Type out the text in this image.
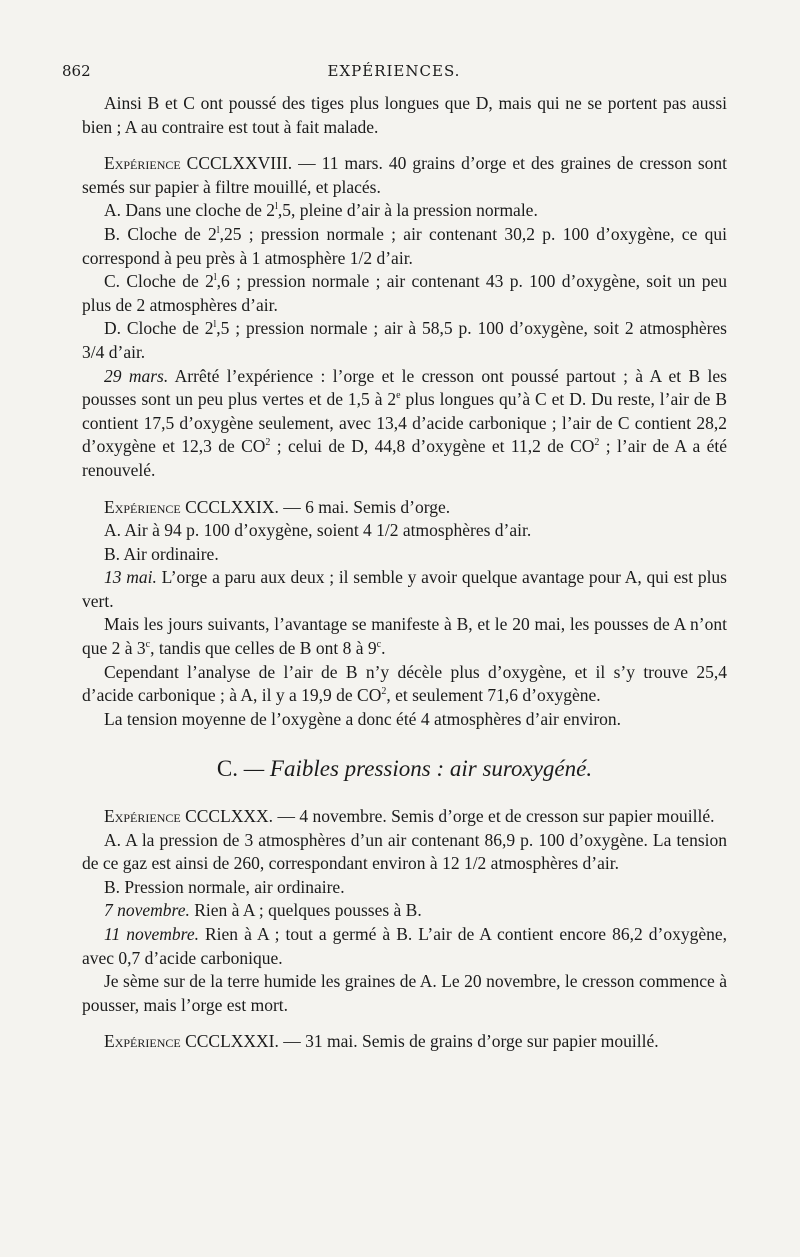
862	EXPÉRIENCES.

Ainsi B et C ont poussé des tiges plus longues que D, mais qui ne se portent pas aussi bien ; A au contraire est tout à fait malade.

Expérience CCCLXXVIII. — 11 mars. 40 grains d’orge et des graines de cresson sont semés sur papier à filtre mouillé, et placés.

A. Dans une cloche de 2$^l$,5, pleine d’air à la pression normale.

B. Cloche de 2$^l$,25 ; pression normale ; air contenant 30,2 p. 100 d’oxygène, ce qui correspond à peu près à 1 atmosphère 1/2 d’air.

C. Cloche de 2$^l$,6 ; pression normale ; air contenant 43 p. 100 d’oxygène, soit un peu plus de 2 atmosphères d’air.

D. Cloche de 2$^l$,5 ; pression normale ; air à 58,5 p. 100 d’oxygène, soit 2 atmosphères 3/4 d’air.

29 mars. Arrêté l’expérience : l’orge et le cresson ont poussé partout ; à A et B les pousses sont un peu plus vertes et de 1,5 à 2e plus longues qu’à C et D. Du reste, l’air de B contient 17,5 d’oxygène seulement, avec 13,4 d’acide carbonique ; l’air de C contient 28,2 d’oxygène et 12,3 de $CO^2$ ; celui de D, 44,8 d’oxygène et 11,2 de $CO^2$ ; l’air de A a été renouvelé.

Expérience CCCLXXIX. — 6 mai. Semis d’orge.

A. Air à 94 p. 100 d’oxygène, soient 4 1/2 atmosphères d’air.

B. Air ordinaire.

13 mai. L’orge a paru aux deux ; il semble y avoir quelque avantage pour A, qui est plus vert.

Mais les jours suivants, l’avantage se manifeste à B, et le 20 mai, les pousses de A n’ont que 2 à 3$^c$, tandis que celles de B ont 8 à 9$^c$.

Cependant l’analyse de l’air de B n’y décèle plus d’oxygène, et il s’y trouve 25,4 d’acide carbonique ; à A, il y a 19,9 de $CO^2$, et seulement 71,6 d’oxygène.

La tension moyenne de l’oxygène a donc été 4 atmosphères d’air environ.

C. — Faibles pressions : air suroxygéné.

Expérience CCCLXXX. — 4 novembre. Semis d’orge et de cresson sur papier mouillé.

A. A la pression de 3 atmosphères d’un air contenant 86,9 p. 100 d’oxygène. La tension de ce gaz est ainsi de 260, correspondant environ à 12 1/2 atmosphères d’air.

B. Pression normale, air ordinaire.

7 novembre. Rien à A ; quelques pousses à B.

11 novembre. Rien à A ; tout a germé à B. L’air de A contient encore 86,2 d’oxygène, avec 0,7 d’acide carbonique.

Je sème sur de la terre humide les graines de A. Le 20 novembre, le cresson commence à pousser, mais l’orge est mort.

Expérience CCCLXXXI. — 31 mai. Semis de grains d’orge sur papier mouillé.
